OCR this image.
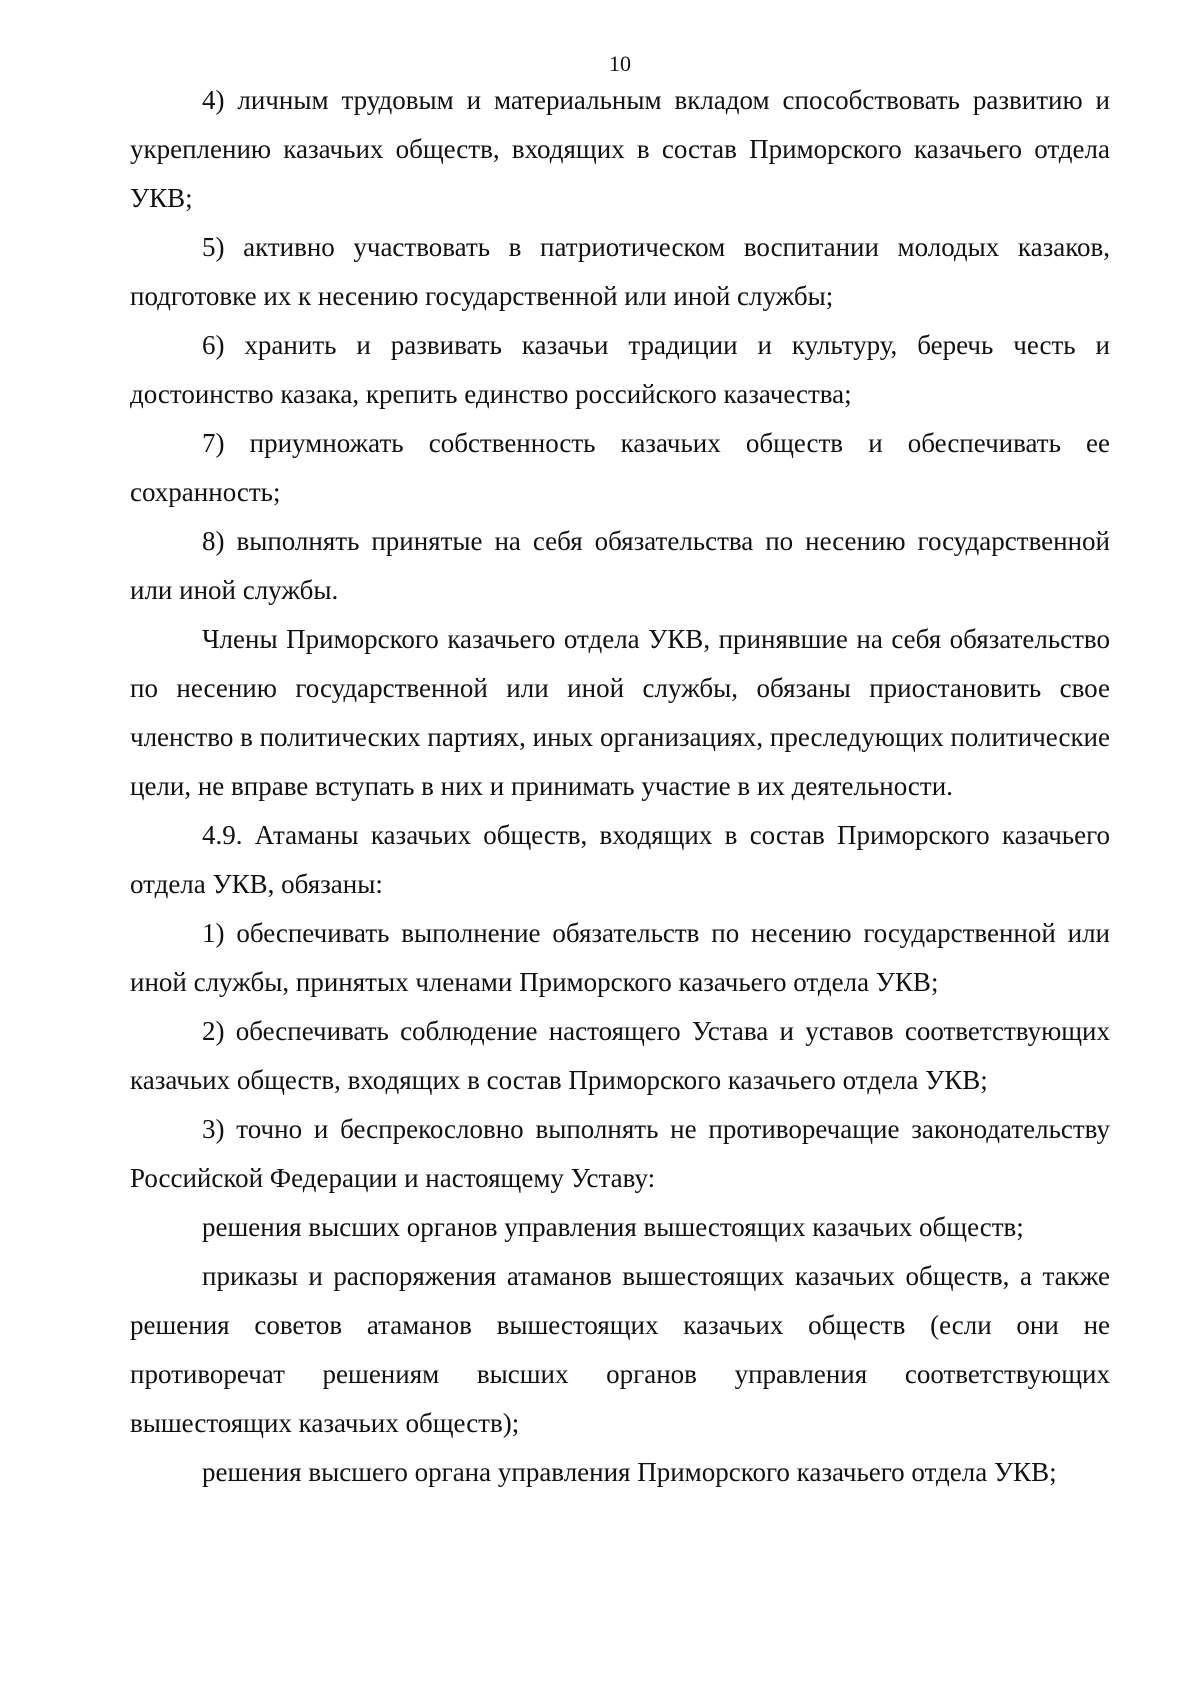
10

4) личным трудовым и материальным вкладом способствовать развитию и укреплению казачьих обществ, входящих в состав Приморского казачьего отдела УКВ;

5) активно участвовать в патриотическом воспитании молодых казаков, подготовке их к несению государственной или иной службы;

6) хранить и развивать казачьи традиции и культуру, беречь честь и достоинство казака, крепить единство российского казачества;

7) приумножать собственность казачьих обществ и обеспечивать ее сохранность;

8) выполнять принятые на себя обязательства по несению государственной или иной службы.

Члены Приморского казачьего отдела УКВ, принявшие на себя обязательство по несению государственной или иной службы, обязаны приостановить свое членство в политических партиях, иных организациях, преследующих политические цели, не вправе вступать в них и принимать участие в их деятельности.

4.9. Атаманы казачьих обществ, входящих в состав Приморского казачьего отдела УКВ, обязаны:

1) обеспечивать выполнение обязательств по несению государственной или иной службы, принятых членами Приморского казачьего отдела УКВ;

2) обеспечивать соблюдение настоящего Устава и уставов соответствующих казачьих обществ, входящих в состав Приморского казачьего отдела УКВ;

3) точно и беспрекословно выполнять не противоречащие законодательству Российской Федерации и настоящему Уставу:

решения высших органов управления вышестоящих казачьих обществ;

приказы и распоряжения атаманов вышестоящих казачьих обществ, а также решения советов атаманов вышестоящих казачьих обществ (если они не противоречат решениям высших органов управления соответствующих вышестоящих казачьих обществ);

решения высшего органа управления Приморского казачьего отдела УКВ;
